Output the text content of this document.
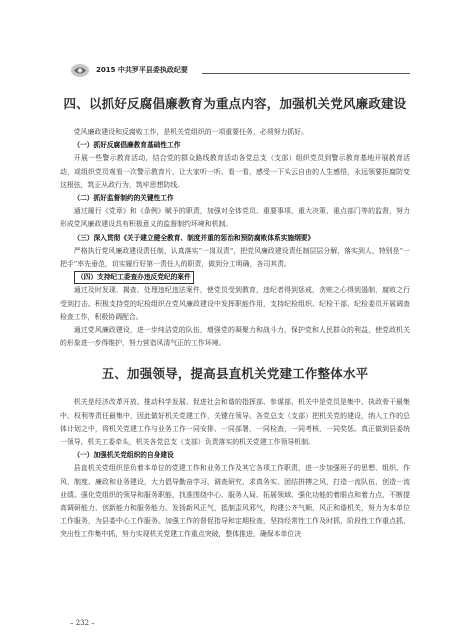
2015 中共罗平县委执政纪要
四、以抓好反腐倡廉教育为重点内容，加强机关党风廉政建设

党风廉政建设和反腐败工作，是机关党组织的一项重要任务，必须努力抓好。

（一）抓好反腐倡廉教育基础性工作

开展一些警示教育活动，结合党的群众路线教育活动各党总支（支部）组织党员到警示教育基地开展教育活动，或组织党员观看一次警示教育片，让大家听一听、看一看，感受一下头云自由的人生感悟，永远领要拒腐防变这根弦，筑正从政行为，筑牢思想防线。

（二）抓好监督制约的关键性工作

通过履行《党章》和《条例》赋予的职责，加强对全体党员、重要事项、重大决策、重点部门等的监督，努力形成党风廉政建设具有积极意义的监督制约环境和机制。

（三）深入贯彻《关于建立健全教育、制度并重的惩治和预防腐败体系实施纲要》

严格执行党风廉政建设责任制，认真落实“一岗双责”，把党风廉政建设责任制层层分解，落实到人，特别是“一把手”率先垂范，切实履行好第一责任人的职责，做到分工明确，各司其责。

（四）支持纪工委查办违反党纪的案件

通过及时发现、揭查、处理违纪违法案件，使党员受到教育，违纪者得到惩戒，贪赃之心得到遏制，腐败之行受到打击。积极支持党的纪检组织在党风廉政建设中发挥职能作用，支持纪检组织、纪检干部、纪检委员开展调查检查工作，积极协调配合。

通过党风廉政建设，进一步纯洁党的队伍，增强党的凝聚力和战斗力，保护党和人民群众的利益，使党政机关的形象进一步得维护，努力营造风清气正的工作环境。

五、加强领导，提高县直机关党建工作整体水平

机关是经济改革开放、推动科学发展、促进社会和谐的指挥部、参谋部，机关中是党员是集中、执政骨干最集中、权利等责任最集中，因此做好机关党建工作，关键在领导。各党总支（支部）把机关党的建设，纳入工作的总体计划之中，将机关党建工作与业务工作一同安排、一同部署，一同检查，一同考核，一同奖惩。真正做到县委统一领导，机关工委牵头，机关各党总支（支部）负责落实的机关党建工作领导机制。

（一）加强机关党组织的自身建设

县直机关党组织是负着本单位的党建工作和业务工作及其它各项工作职责，进一步加强班子的思想、组织、作风、制度、廉政和业务建设，大力倡导勤奋学习、调查研究，求真务实、团结拼搏之风，打造一流队伍，创造一流业绩。强化党组织的领导和服务职能，找准围绕中心、服务人局、拓展领域、强化功能的着眼点和着力点，不断提高调研能力、创新能力和服务能力。发扬新风正气，抵制歪风邪气，构建公齐气顺，风正和谐机关，努力为本单位工作服务，为县委中心工作服务。加强工作的督促指导和定期检查，坚持经常性工作及时抓，阶段性工作重点抓，突出性工作集中抓，努力实现机关党建工作重点突破，整体推进，确保本单位决

– 232 –
